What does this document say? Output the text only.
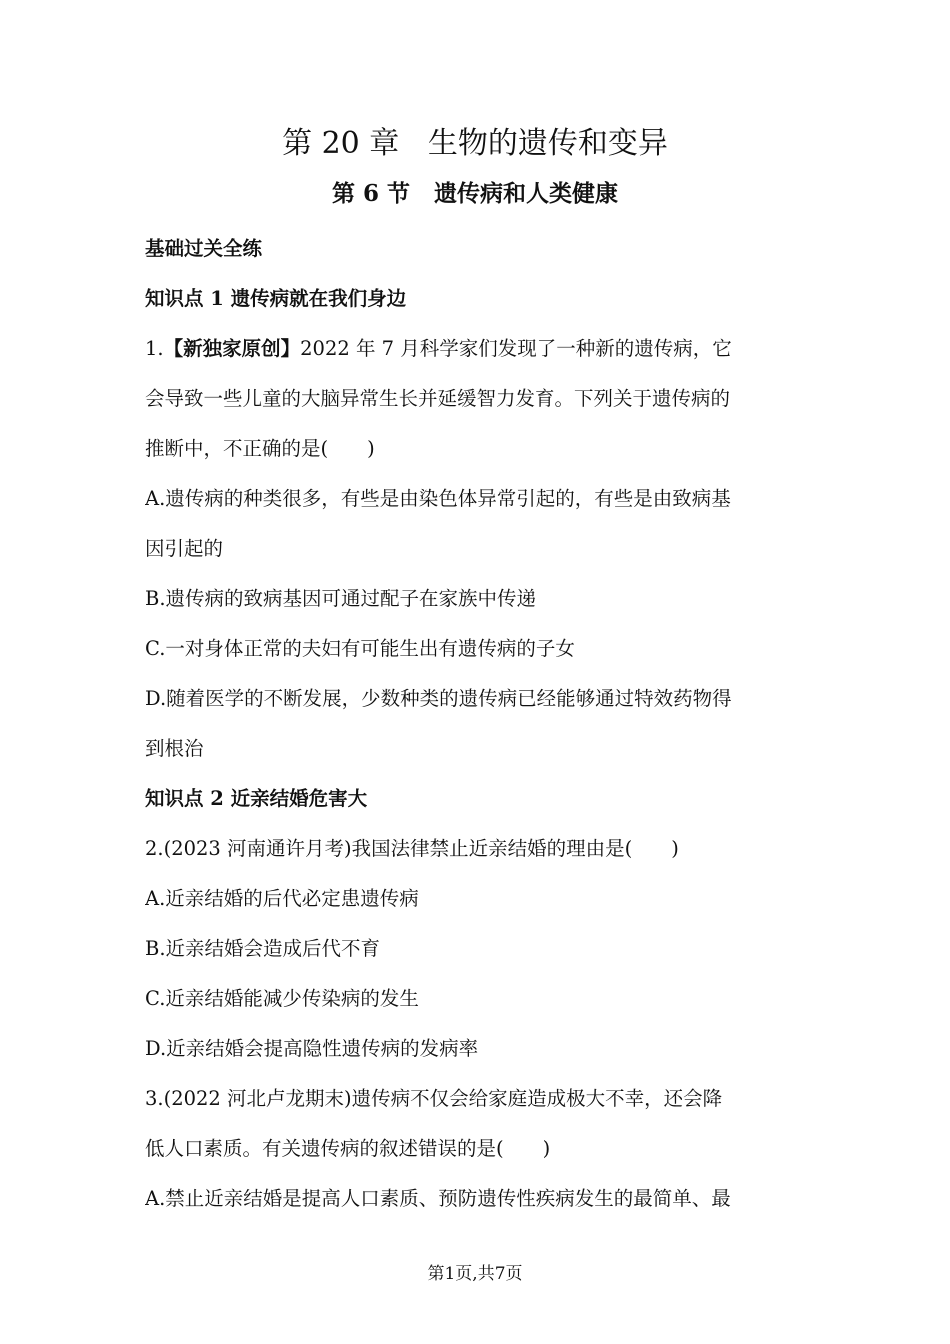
第 20 章   生物的遗传和变异
第 6 节   遗传病和人类健康
基础过关全练
知识点 1 遗传病就在我们身边
1.【新独家原创】2022 年 7 月科学家们发现了一种新的遗传病，它
会导致一些儿童的大脑异常生长并延缓智力发育。下列关于遗传病的
推断中，不正确的是(　　)
A.遗传病的种类很多，有些是由染色体异常引起的，有些是由致病基
因引起的
B.遗传病的致病基因可通过配子在家族中传递
C.一对身体正常的夫妇有可能生出有遗传病的子女
D.随着医学的不断发展，少数种类的遗传病已经能够通过特效药物得
到根治
知识点 2 近亲结婚危害大
2.(2023 河南通许月考)我国法律禁止近亲结婚的理由是(　　)
A.近亲结婚的后代必定患遗传病
B.近亲结婚会造成后代不育
C.近亲结婚能减少传染病的发生
D.近亲结婚会提高隐性遗传病的发病率
3.(2022 河北卢龙期末)遗传病不仅会给家庭造成极大不幸，还会降
低人口素质。有关遗传病的叙述错误的是(　　)
A.禁止近亲结婚是提高人口素质、预防遗传性疾病发生的最简单、最
第1页,共7页
